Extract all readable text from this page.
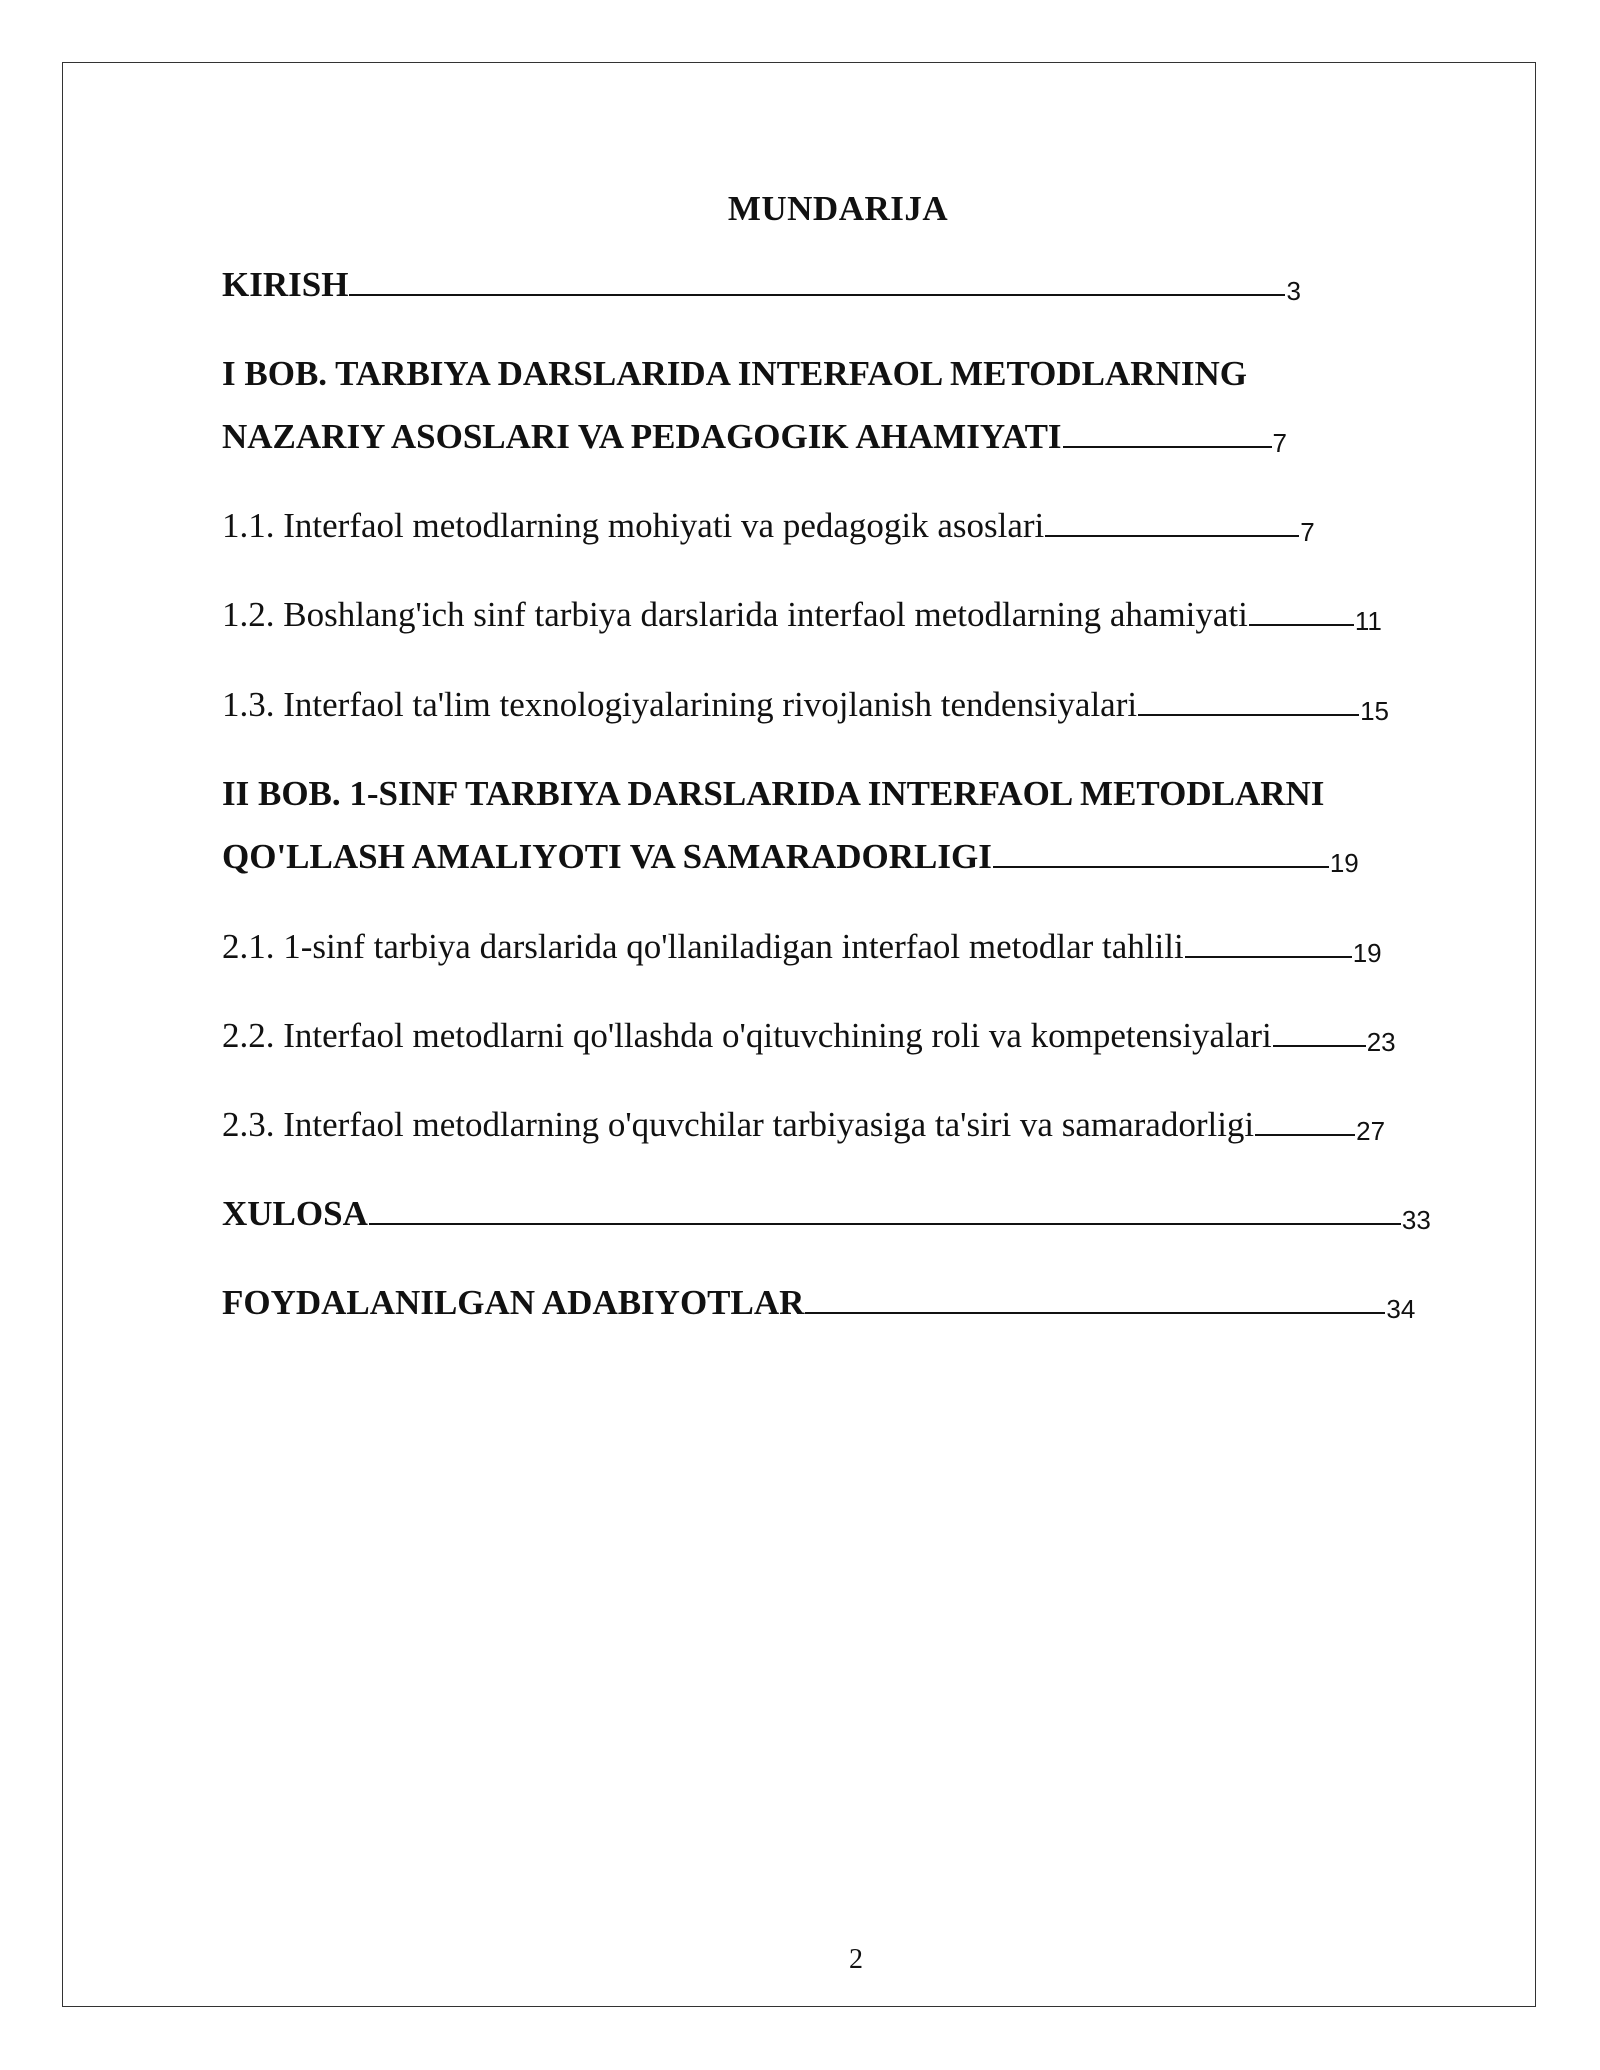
MUNDARIJA
KIRISH	3
I BOB. TARBIYA DARSLARIDA INTERFAOL METODLARNING
NAZARIY ASOSLARI VA PEDAGOGIK AHAMIYATI	7
1.1. Interfaol metodlarning mohiyati va pedagogik asoslari	7
1.2. Boshlang'ich sinf tarbiya darslarida interfaol metodlarning ahamiyati	11
1.3. Interfaol ta'lim texnologiyalarining rivojlanish tendensiyalari	15
II BOB. 1-SINF TARBIYA DARSLARIDA INTERFAOL METODLARNI
QO'LLASH AMALIYOTI VA SAMARADORLIGI	19
2.1. 1-sinf tarbiya darslarida qo'llaniladigan interfaol metodlar tahlili	19
2.2. Interfaol metodlarni qo'llashda o'qituvchining roli va kompetensiyalari	23
2.3. Interfaol metodlarning o'quvchilar tarbiyasiga ta'siri va samaradorligi	27
XULOSA	33
FOYDALANILGAN ADABIYOTLAR	34
2
